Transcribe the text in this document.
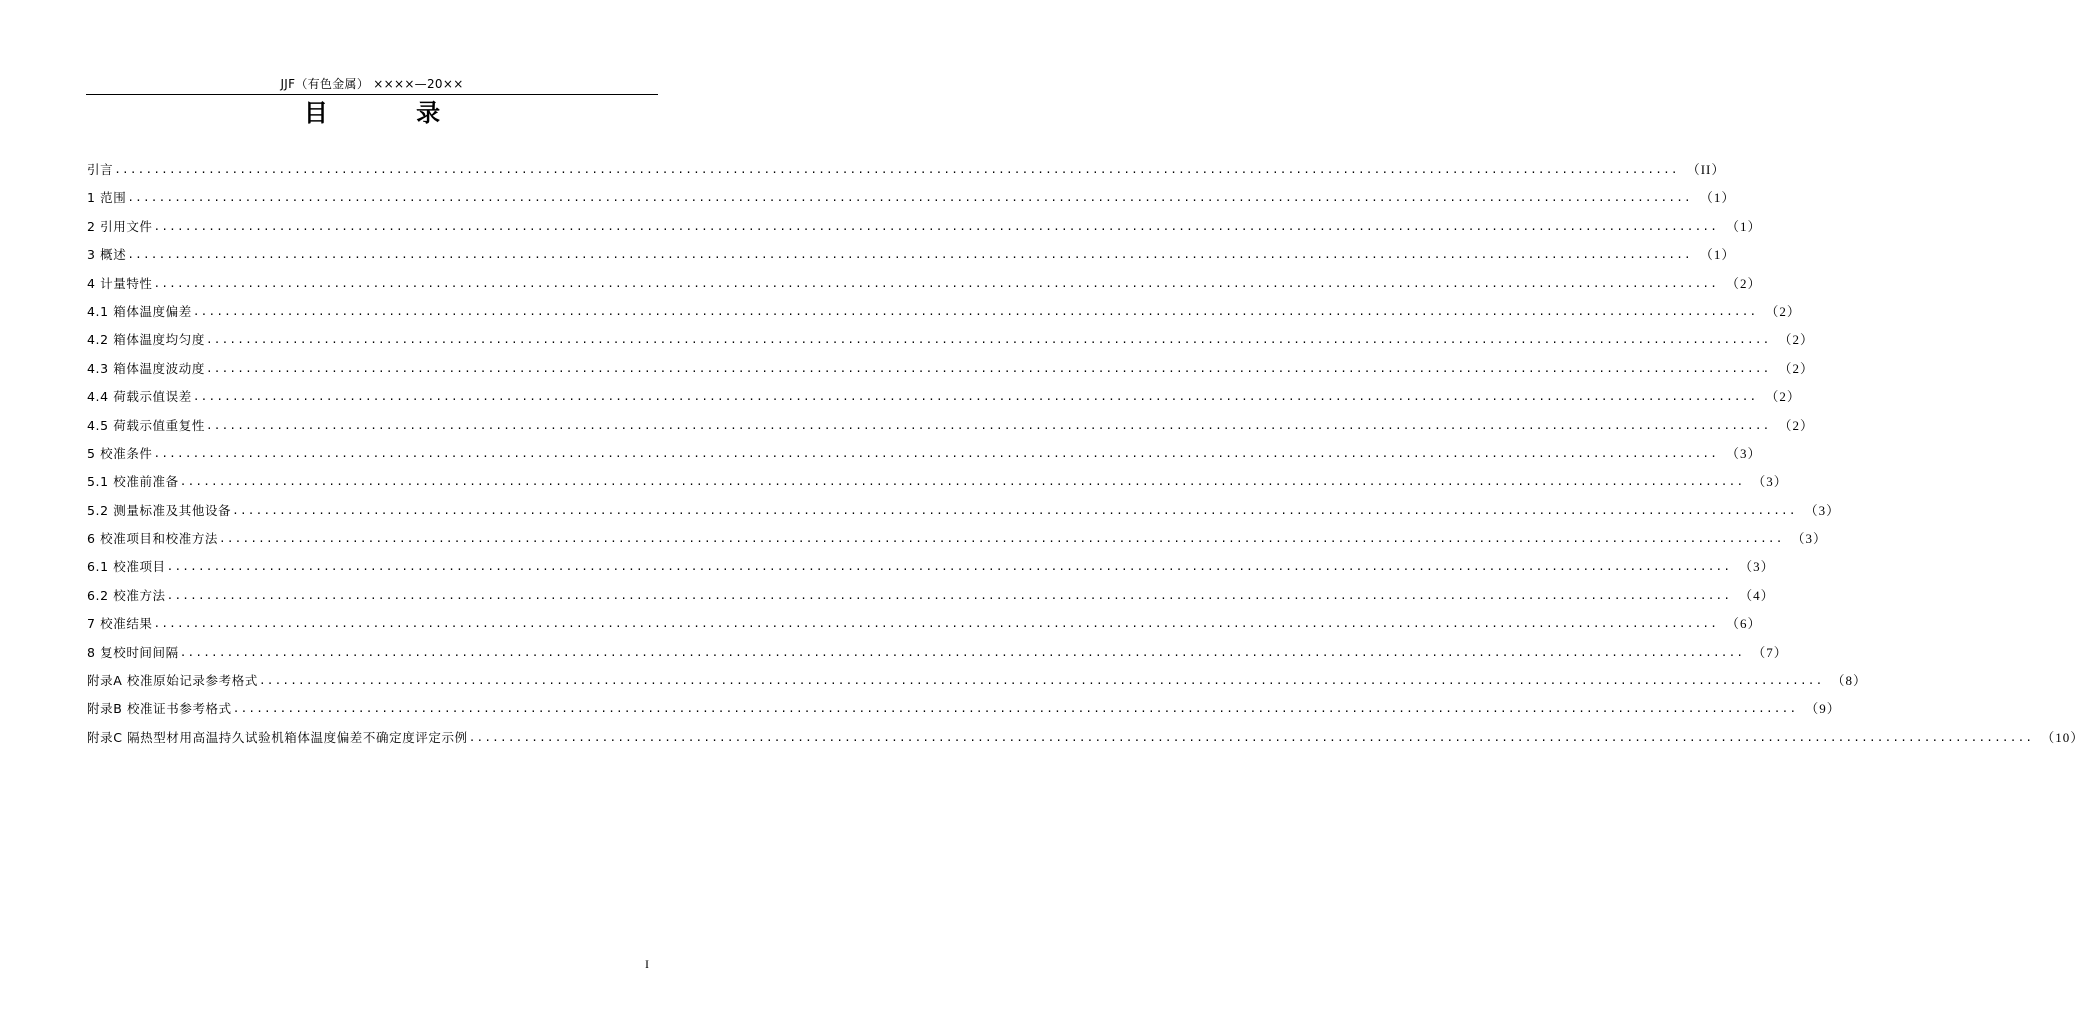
JJF（有色金属） ××××—20××
目 录
引言 ........................................................................................................................................................................................................ （II）
1 范围 ........................................................................................................................................................................................................ （1）
2 引用文件 ........................................................................................................................................................................................................ （1）
3 概述 ........................................................................................................................................................................................................ （1）
4 计量特性 ........................................................................................................................................................................................................ （2）
4.1 箱体温度偏差 ........................................................................................................................................................................................................ （2）
4.2 箱体温度均匀度 ........................................................................................................................................................................................................ （2）
4.3 箱体温度波动度 ........................................................................................................................................................................................................ （2）
4.4 荷载示值误差 ........................................................................................................................................................................................................ （2）
4.5 荷载示值重复性 ........................................................................................................................................................................................................ （2）
5 校准条件 ........................................................................................................................................................................................................ （3）
5.1 校准前准备 ........................................................................................................................................................................................................ （3）
5.2 测量标准及其他设备 ........................................................................................................................................................................................................ （3）
6 校准项目和校准方法 ........................................................................................................................................................................................................ （3）
6.1 校准项目 ........................................................................................................................................................................................................ （3）
6.2 校准方法 ........................................................................................................................................................................................................ （4）
7 校准结果 ........................................................................................................................................................................................................ （6）
8 复校时间间隔 ........................................................................................................................................................................................................ （7）
附录A 校准原始记录参考格式 ........................................................................................................................................................................................................ （8）
附录B 校准证书参考格式 ........................................................................................................................................................................................................ （9）
附录C 隔热型材用高温持久试验机箱体温度偏差不确定度评定示例 ........................................................................................................................................................................................................ （10）
I
